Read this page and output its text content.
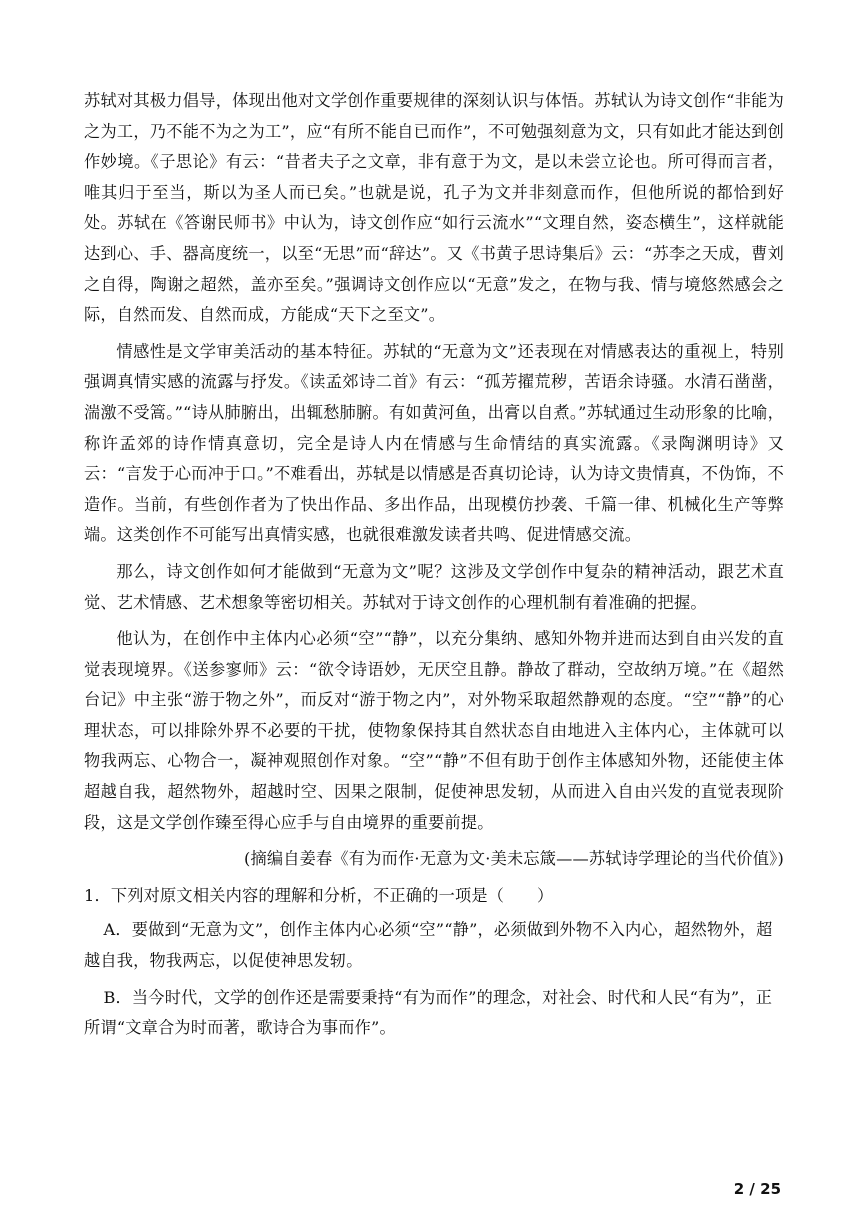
苏轼对其极力倡导，体现出他对文学创作重要规律的深刻认识与体悟。苏轼认为诗文创作“非能为之为工，乃不能不为之为工”，应“有所不能自已而作”，不可勉强刻意为文，只有如此才能达到创作妙境。《子思论》有云：“昔者夫子之文章，非有意于为文，是以未尝立论也。所可得而言者，唯其归于至当，斯以为圣人而已矣。”也就是说，孔子为文并非刻意而作，但他所说的都恰到好处。苏轼在《答谢民师书》中认为，诗文创作应“如行云流水”“文理自然，姿态横生”，这样就能达到心、手、器高度统一，以至“无思”而“辞达”。又《书黄子思诗集后》云：“苏李之天成，曹刘之自得，陶谢之超然，盖亦至矣。”强调诗文创作应以“无意”发之，在物与我、情与境悠然感会之际，自然而发、自然而成，方能成“天下之至文”。

情感性是文学审美活动的基本特征。苏轼的“无意为文”还表现在对情感表达的重视上，特别强调真情实感的流露与抒发。《读孟郊诗二首》有云：“孤芳擢荒秽，苦语余诗骚。水清石凿凿，湍激不受篙。”“诗从肺腑出，出辄愁肺腑。有如黄河鱼，出膏以自煮。”苏轼通过生动形象的比喻，称许孟郊的诗作情真意切，完全是诗人内在情感与生命情结的真实流露。《录陶渊明诗》又云：“言发于心而冲于口。”不难看出，苏轼是以情感是否真切论诗，认为诗文贵情真，不伪饰，不造作。当前，有些创作者为了快出作品、多出作品，出现模仿抄袭、千篇一律、机械化生产等弊端。这类创作不可能写出真情实感，也就很难激发读者共鸣、促进情感交流。

那么，诗文创作如何才能做到“无意为文”呢？这涉及文学创作中复杂的精神活动，跟艺术直觉、艺术情感、艺术想象等密切相关。苏轼对于诗文创作的心理机制有着准确的把握。

他认为，在创作中主体内心必须“空”“静”，以充分集纳、感知外物并进而达到自由兴发的直觉表现境界。《送参寥师》云：“欲令诗语妙，无厌空且静。静故了群动，空故纳万境。”在《超然台记》中主张“游于物之外”，而反对“游于物之内”，对外物采取超然静观的态度。“空”“静”的心理状态，可以排除外界不必要的干扰，使物象保持其自然状态自由地进入主体内心，主体就可以物我两忘、心物合一，凝神观照创作对象。“空”“静”不但有助于创作主体感知外物，还能使主体超越自我，超然物外，超越时空、因果之限制，促使神思发轫，从而进入自由兴发的直觉表现阶段，这是文学创作臻至得心应手与自由境界的重要前提。

(摘编自姜春《有为而作·无意为文·美未忘箴——苏轼诗学理论的当代价值》)

1．下列对原文相关内容的理解和分析，不正确的一项是（　　）

A．要做到“无意为文”，创作主体内心必须“空”“静”，必须做到外物不入内心，超然物外，超越自我，物我两忘，以促使神思发轫。

B．当今时代，文学的创作还是需要秉持“有为而作”的理念，对社会、时代和人民“有为”，正所谓“文章合为时而著，歌诗合为事而作”。

2 / 25
